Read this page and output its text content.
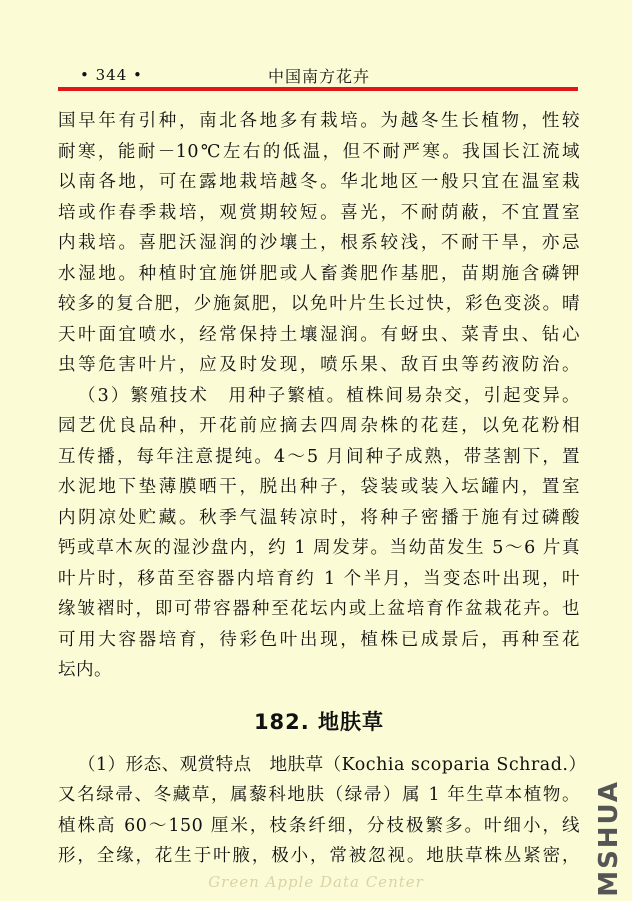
• 344 •	中国南方花卉
国早年有引种，南北各地多有栽培。为越冬生长植物，性较
耐寒，能耐－10℃左右的低温，但不耐严寒。我国长江流域
以南各地，可在露地栽培越冬。华北地区一般只宜在温室栽
培或作春季栽培，观赏期较短。喜光，不耐荫蔽，不宜置室
内栽培。喜肥沃湿润的沙壤土，根系较浅，不耐干旱，亦忌
水湿地。种植时宜施饼肥或人畜粪肥作基肥，苗期施含磷钾
较多的复合肥，少施氮肥，以免叶片生长过快，彩色变淡。晴
天叶面宜喷水，经常保持土壤湿润。有蚜虫、菜青虫、钻心
虫等危害叶片，应及时发现，喷乐果、敌百虫等药液防治。
（3）繁殖技术　用种子繁植。植株间易杂交，引起变异。
园艺优良品种，开花前应摘去四周杂株的花莛，以免花粉相
互传播，每年注意提纯。4～5 月间种子成熟，带茎割下，置
水泥地下垫薄膜晒干，脱出种子，袋装或装入坛罐内，置室
内阴凉处贮藏。秋季气温转凉时，将种子密播于施有过磷酸
钙或草木灰的湿沙盘内，约 1 周发芽。当幼苗发生 5～6 片真
叶片时，移苗至容器内培育约 1 个半月，当变态叶出现，叶
缘皱褶时，即可带容器种至花坛内或上盆培育作盆栽花卉。也
可用大容器培育，待彩色叶出现，植株已成景后，再种至花
坛内。
182. 地肤草
（1）形态、观赏特点　地肤草（Kochia scoparia Schrad.）
又名绿帚、冬藏草，属藜科地肤（绿帚）属 1 年生草本植物。
植株高 60～150 厘米，枝条纤细，分枝极繁多。叶细小，线
形，全缘，花生于叶腋，极小，常被忽视。地肤草株丛紧密， MSHUA
Green Apple Data Center
